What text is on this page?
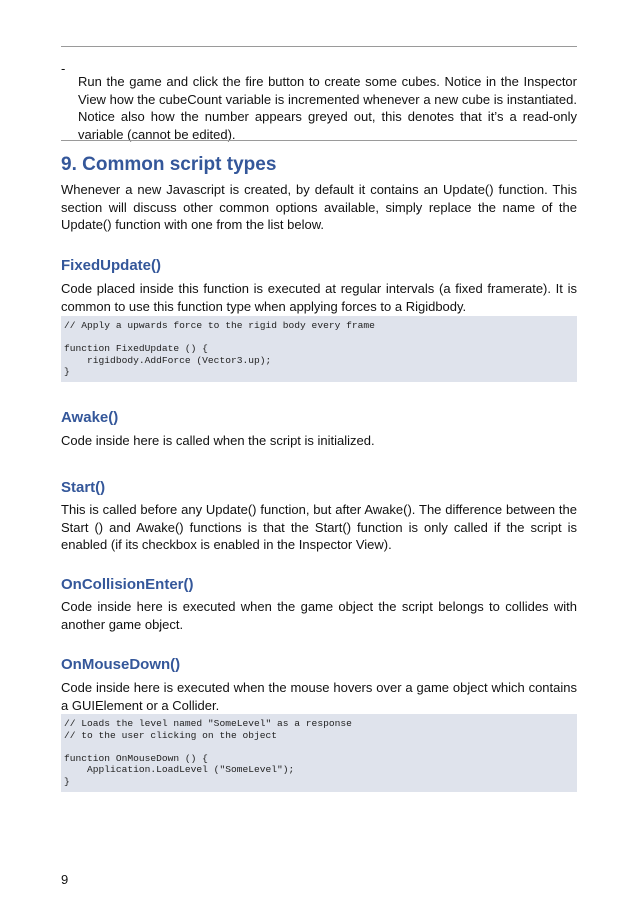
-

Run the game and click the fire button to create some cubes. Notice in the Inspector View how the cubeCount variable is incremented whenever a new cube is instantiated. Notice also how the number appears greyed out, this denotes that it’s a read-only variable (cannot be edited).

9. Common script types

Whenever a new Javascript is created, by default it contains an Update() function. This section will discuss other common options available, simply replace the name of the Update() function with one from the list below.

FixedUpdate()

Code placed inside this function is executed at regular intervals (a fixed framerate). It is common to use this function type when applying forces to a Rigidbody.

// Apply a upwards force to the rigid body every frame
function FixedUpdate () {
rigidbody.AddForce (Vector3.up);
}
Awake()

Code inside here is called when the script is initialized.

Start()

This is called before any Update() function, but after Awake(). The difference between the Start () and Awake() functions is that the Start() function is only called if the script is enabled (if its checkbox is enabled in the Inspector View).

OnCollisionEnter()

Code inside here is executed when the game object the script belongs to collides with another game object.

OnMouseDown()

Code inside here is executed when the mouse hovers over a game object which contains a GUIElement or a Collider.

// Loads the level named "SomeLevel" as a response
// to the user clicking on the object
function OnMouseDown () {
Application.LoadLevel ("SomeLevel");
}
9
